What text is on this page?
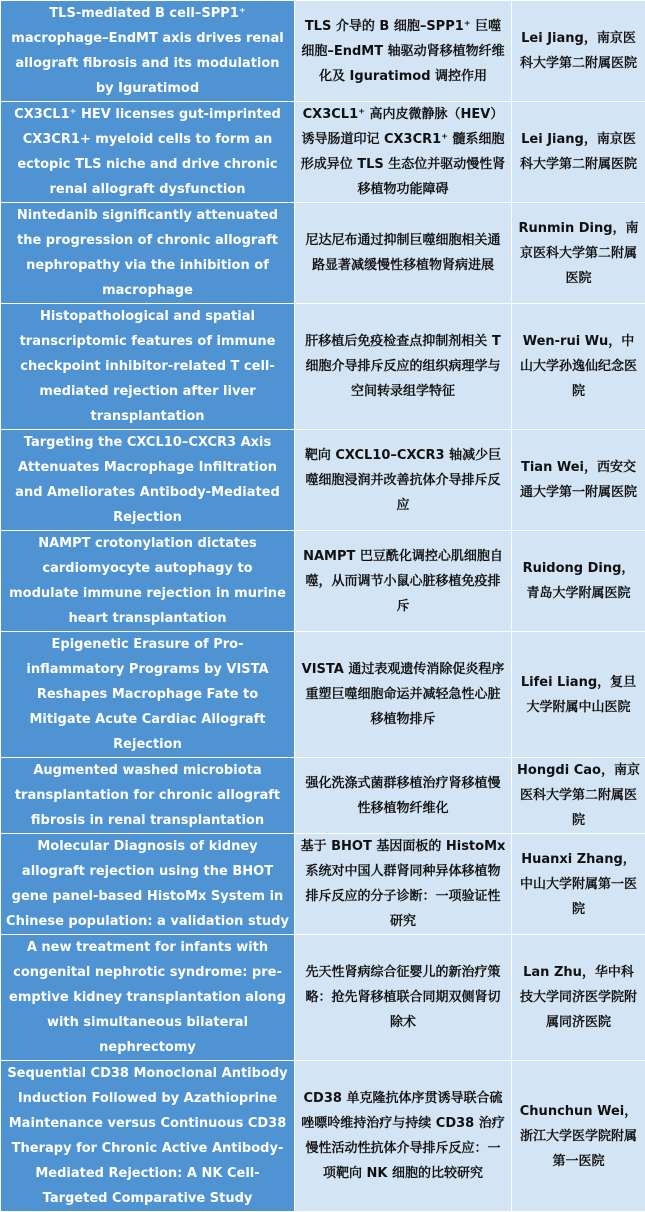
TLS-mediated B cell–SPP1⁺ macrophage–EndMT axis drives renal allograft fibrosis and its modulation by Iguratimod	TLS 介导的 B 细胞–SPP1⁺ 巨噬细胞–EndMT 轴驱动肾移植物纤维化及 Iguratimod 调控作用	Lei Jiang，南京医科大学第二附属医院
CX3CL1⁺ HEV licenses gut-imprinted CX3CR1+ myeloid cells to form an ectopic TLS niche and drive chronic renal allograft dysfunction	CX3CL1⁺ 高内皮微静脉（HEV）诱导肠道印记 CX3CR1⁺ 髓系细胞形成异位 TLS 生态位并驱动慢性肾移植物功能障碍	Lei Jiang，南京医科大学第二附属医院
Nintedanib significantly attenuated the progression of chronic allograft nephropathy via the inhibition of macrophage	尼达尼布通过抑制巨噬细胞相关通路显著减缓慢性移植物肾病进展	Runmin Ding，南京医科大学第二附属医院
Histopathological and spatial transcriptomic features of immune checkpoint inhibitor-related T cell-mediated rejection after liver transplantation	肝移植后免疫检查点抑制剂相关 T 细胞介导排斥反应的组织病理学与空间转录组学特征	Wen-rui Wu，中山大学孙逸仙纪念医院
Targeting the CXCL10–CXCR3 Axis Attenuates Macrophage Infiltration and Ameliorates Antibody-Mediated Rejection	靶向 CXCL10–CXCR3 轴减少巨噬细胞浸润并改善抗体介导排斥反应	Tian Wei，西安交通大学第一附属医院
NAMPT crotonylation dictates cardiomyocyte autophagy to modulate immune rejection in murine heart transplantation	NAMPT 巴豆酰化调控心肌细胞自噬，从而调节小鼠心脏移植免疫排斥	Ruidong Ding，青岛大学附属医院
Epigenetic Erasure of Pro-inflammatory Programs by VISTA Reshapes Macrophage Fate to Mitigate Acute Cardiac Allograft Rejection	VISTA 通过表观遗传消除促炎程序重塑巨噬细胞命运并减轻急性心脏移植物排斥	Lifei Liang，复旦大学附属中山医院
Augmented washed microbiota transplantation for chronic allograft fibrosis in renal transplantation	强化洗涤式菌群移植治疗肾移植慢性移植物纤维化	Hongdi Cao，南京医科大学第二附属医院
Molecular Diagnosis of kidney allograft rejection using the BHOT gene panel-based HistoMx System in Chinese population: a validation study	基于 BHOT 基因面板的 HistoMx 系统对中国人群肾同种异体移植物排斥反应的分子诊断：一项验证性研究	Huanxi Zhang，中山大学附属第一医院
A new treatment for infants with congenital nephrotic syndrome: pre-emptive kidney transplantation along with simultaneous bilateral nephrectomy	先天性肾病综合征婴儿的新治疗策略：抢先肾移植联合同期双侧肾切除术	Lan Zhu，华中科技大学同济医学院附属同济医院
Sequential CD38 Monoclonal Antibody Induction Followed by Azathioprine Maintenance versus Continuous CD38 Therapy for Chronic Active Antibody-Mediated Rejection: A NK Cell-Targeted Comparative Study	CD38 单克隆抗体序贯诱导联合硫唑嘌呤维持治疗与持续 CD38 治疗慢性活动性抗体介导排斥反应：一项靶向 NK 细胞的比较研究	Chunchun Wei，浙江大学医学院附属第一医院
